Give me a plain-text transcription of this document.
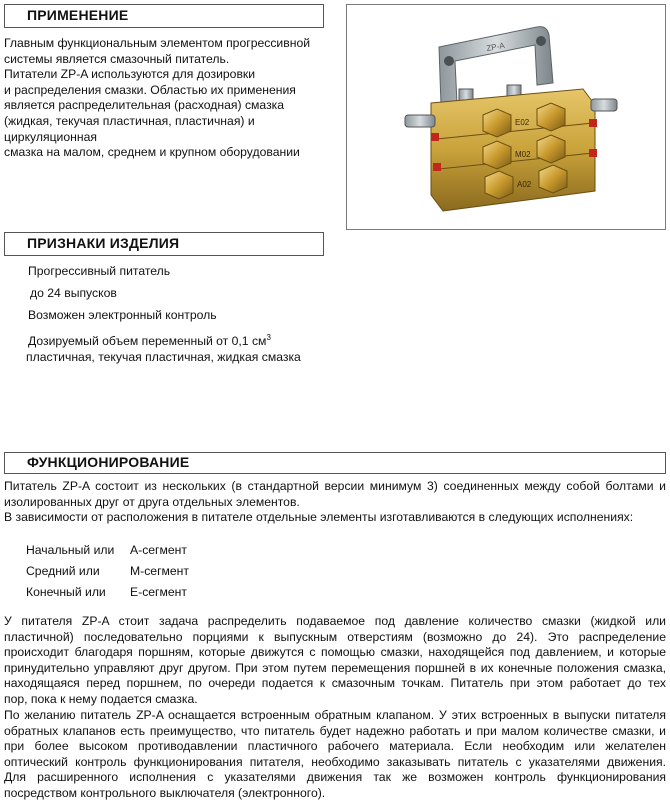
ПРИМЕНЕНИЕ
Главным функциональным элементом прогрессивной
системы является смазочный питатель.
Питатели ZP-A используются для дозировки
и распределения смазки. Областью их применения
является распределительная (расходная) смазка
(жидкая, текучая пластичная, пластичная) и циркуляционная
смазка на малом, среднем и крупном оборудовании
ZP-A
E02
M02
A02
ПРИЗНАКИ ИЗДЕЛИЯ
Прогрессивный питатель
до 24 выпусков
Возможен электронный контроль
Дозируемый объем переменный от 0,1 $см^3$
пластичная, текучая пластичная, жидкая смазка
ФУНКЦИОНИРОВАНИЕ
Питатель ZP-A состоит из нескольких (в стандартной версии минимум 3) соединенных между собой болтами и
изолированных друг от друга отдельных элементов.
В зависимости от расположения в питателе отдельные элементы изготавливаются в следующих исполнениях:
Начальный или А-сегмент
Средний или М-сегмент
Конечный или Е-сегмент
У питателя ZP-A стоит задача распределить подаваемое под давление количество смазки (жидкой или
пластичной) последовательно порциями к выпускным отверстиям (возможно до 24). Это распределение
происходит благодаря поршням, которые движутся с помощью смазки, находящейся под давлением, и которые
принудительно управляют друг другом. При этом путем перемещения поршней в их конечные положения смазка,
находящаяся перед поршнем, по очереди подается к смазочным точкам. Питатель при этом работает до тех
пор, пока к нему подается смазка.
По желанию питатель ZP-A оснащается встроенным обратным клапаном. У этих встроенных в выпуски питателя
обратных клапанов есть преимущество, что питатель будет надежно работать и при малом количестве смазки, и
при более высоком противодавлении пластичного рабочего материала. Если необходим или желателен
оптический контроль функционирования питателя, необходимо заказывать питатель с указателями движения.
Для расширенного исполнения с указателями движения так же возможен контроль функционирования
посредством контрольного выключателя (электронного).
